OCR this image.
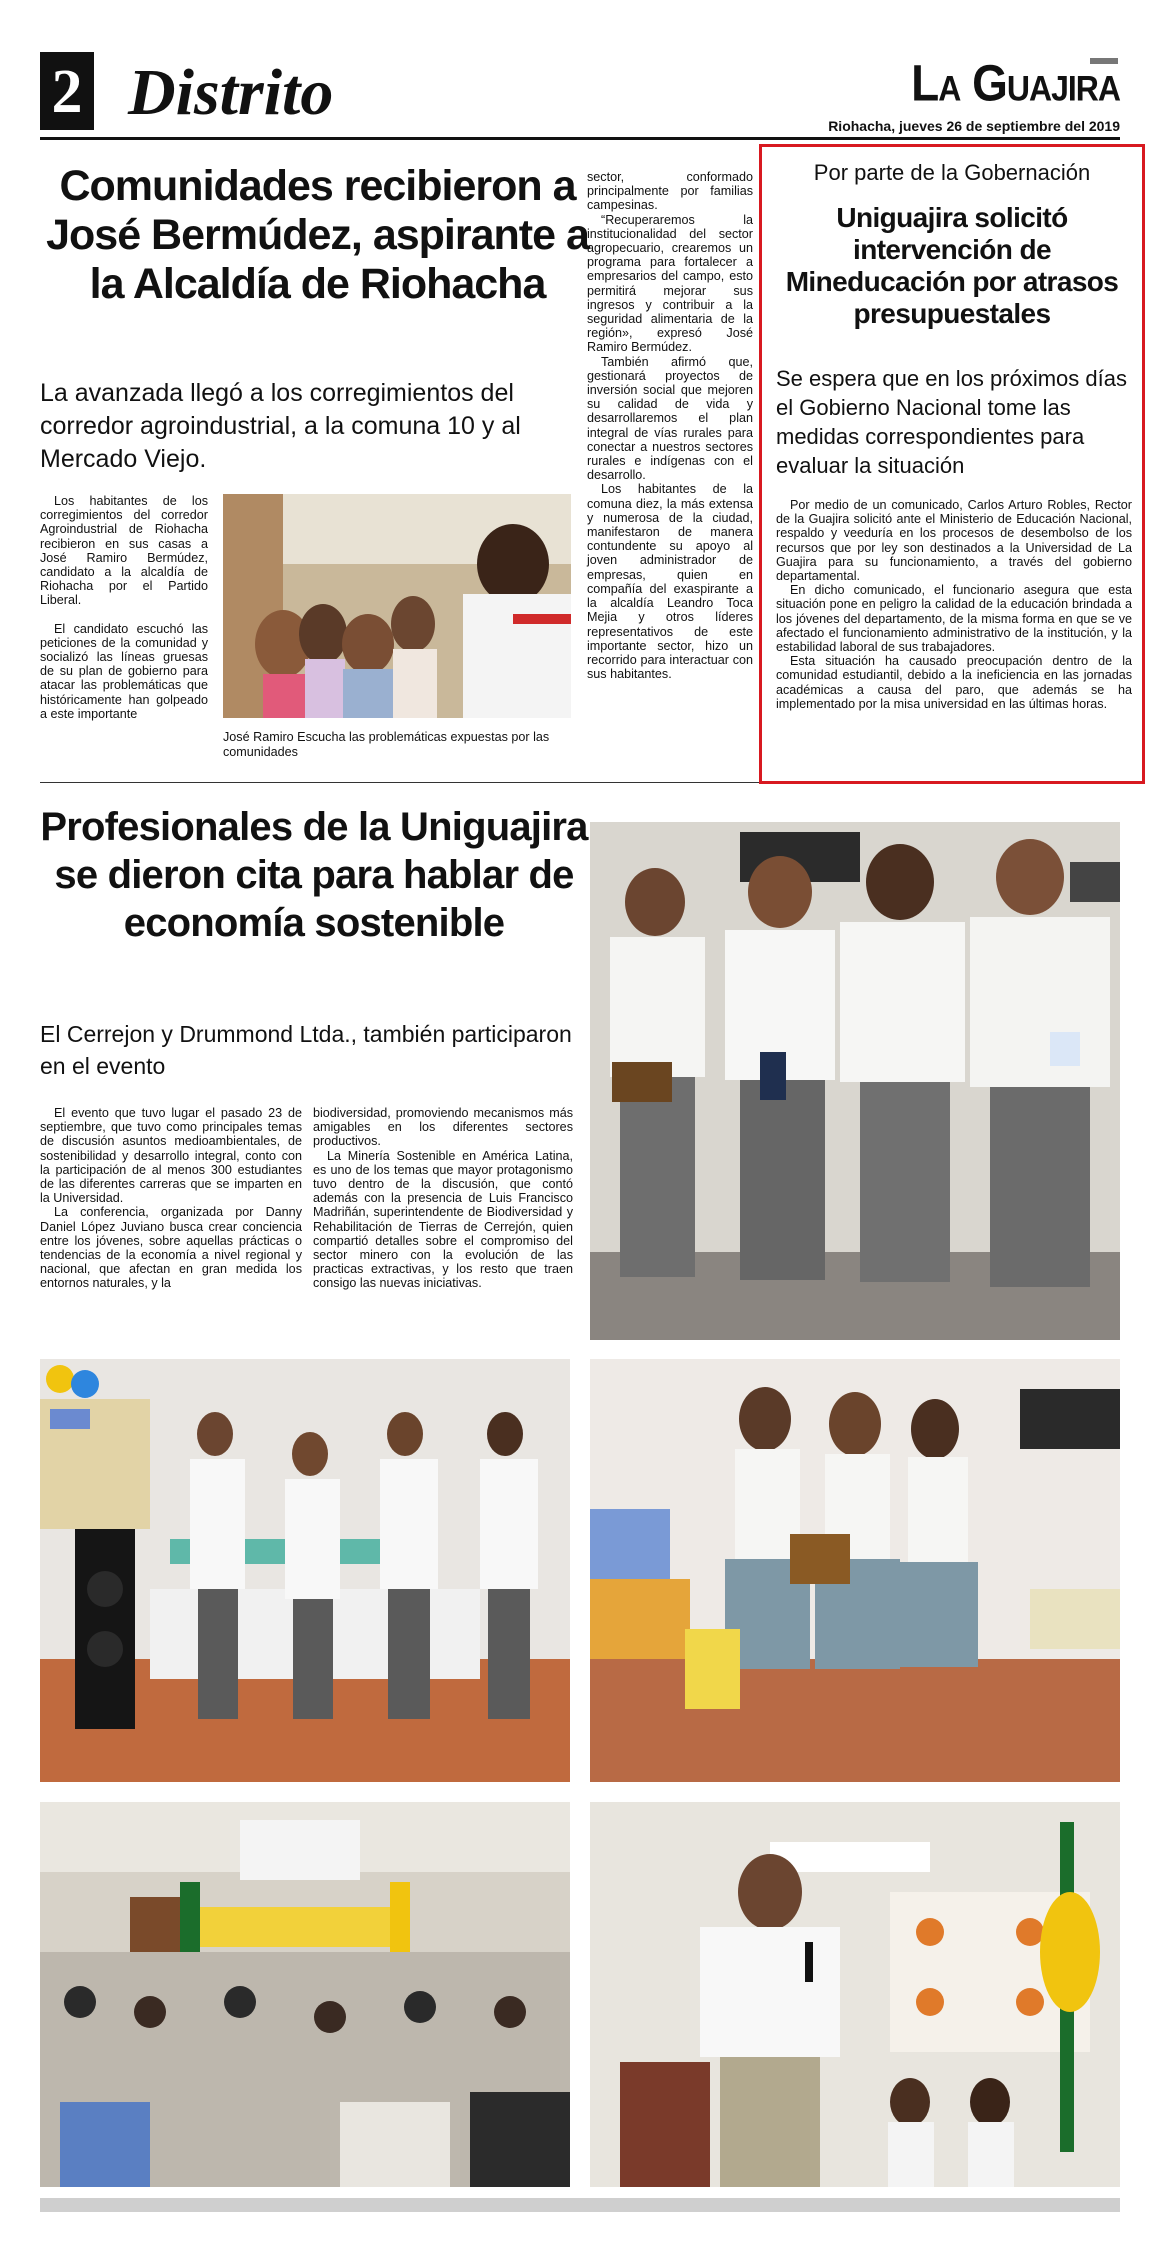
2 Distrito	La Guajira
Riohacha, jueves 26 de septiembre del 2019
Comunidades recibieron a José Bermúdez, aspirante a la Alcaldía de Riohacha
La avanzada llegó a los corregimientos del corredor agroindustrial, a la comuna 10 y al Mercado Viejo.

Los habitantes de los corregimientos del corredor Agroindustrial de Riohacha recibieron en sus casas a José Ramiro Bermúdez, candidato a la alcaldía de Riohacha por el Partido Liberal.

El candidato escuchó las peticiones de la comunidad y socializó las líneas gruesas de su plan de gobierno para atacar las problemáticas que históricamente han golpeado a este importante

José Ramiro Escucha las problemáticas expuestas por las comunidades

sector, conformado principalmente por familias campesinas.

“Recuperaremos la institucionalidad del sector agropecuario, crearemos un programa para fortalecer a empresarios del campo, esto permitirá mejorar sus ingresos y contribuir a la seguridad alimentaria de la región», expresó José Ramiro Bermúdez.

También afirmó que, gestionará proyectos de inversión social que mejoren su calidad de vida y desarrollaremos el plan integral de vías rurales para conectar a nuestros sectores rurales e indígenas con el desarrollo.

Los habitantes de la comuna diez, la más extensa y numerosa de la ciudad, manifestaron de manera contundente su apoyo al joven administrador de empresas, quien en compañía del exaspirante a la alcaldía Leandro Toca Mejia y otros líderes representativos de este importante sector, hizo un recorrido para interactuar con sus habitantes.

Por parte de la Gobernación
Uniguajira solicitó intervención de Mineducación por atrasos presupuestales
Se espera que en los próximos días el Gobierno Nacional tome las medidas correspondientes para evaluar la situación

Por medio de un comunicado, Carlos Arturo Robles, Rector de la Guajira solicitó ante el Ministerio de Educación Nacional, respaldo y veeduría en los procesos de desembolso de los recursos que por ley son destinados a la Universidad de La Guajira para su funcionamiento, a través del gobierno departamental.

En dicho comunicado, el funcionario asegura que esta situación pone en peligro la calidad de la educación brindada a los jóvenes del departamento, de la misma forma en que se ve afectado el funcionamiento administrativo de la institución, y la estabilidad laboral de sus trabajadores.

Esta situación ha causado preocupación dentro de la comunidad estudiantil, debido a la ineficiencia en las jornadas académicas a causa del paro, que además se ha implementado por la misa universidad en las últimas horas.

Profesionales de la Uniguajira se dieron cita para hablar de economía sostenible
El Cerrejon y Drummond Ltda., también participaron en el evento

El evento que tuvo lugar el pasado 23 de septiembre, que tuvo como principales temas de discusión asuntos medioambientales, de sostenibilidad y desarrollo integral, conto con la participación de al menos 300 estudiantes de las diferentes carreras que se imparten en la Universidad.

La conferencia, organizada por Danny Daniel López Juviano busca crear conciencia entre los jóvenes, sobre aquellas prácticas o tendencias de la economía a nivel regional y nacional, que afectan en gran medida los entornos naturales, y la

biodiversidad, promoviendo mecanismos más amigables en los diferentes sectores productivos.

La Minería Sostenible en América Latina, es uno de los temas que mayor protagonismo tuvo dentro de la discusión, que contó además con la presencia de Luis Francisco Madriñán, superintendente de Biodiversidad y Rehabilitación de Tierras de Cerrejón, quien compartió detalles sobre el compromiso del sector minero con la evolución de las practicas extractivas, y los resto que traen consigo las nuevas iniciativas.
